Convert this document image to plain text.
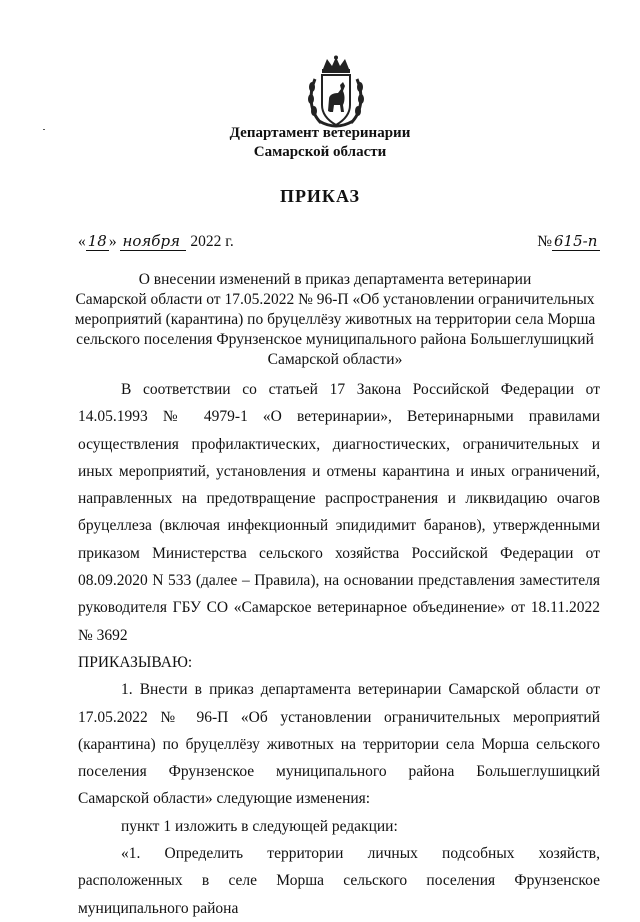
Департамент ветеринарии
Самарской области
ПРИКАЗ
« 18 » ноября 2022 г.	№ 615-п
О внесении изменений в приказ департамента ветеринарии
Самарской области от 17.05.2022 № 96-П «Об установлении ограничительных
мероприятий (карантина) по бруцеллёзу животных на территории села Морша
сельского поселения Фрунзенское муниципального района Большеглушицкий
Самарской области»

В соответствии со статьей 17 Закона Российской Федерации от 14.05.1993 № 4979-1 «О ветеринарии», Ветеринарными правилами осуществления профилактических, диагностических, ограничительных и иных мероприятий, установления и отмены карантина и иных ограничений, направленных на предотвращение распространения и ликвидацию очагов бруцеллеза (включая инфекционный эпидидимит баранов), утвержденными приказом Министерства сельского хозяйства Российской Федерации от 08.09.2020 N 533 (далее – Правила), на основании представления заместителя руководителя ГБУ СО «Самарское ветеринарное объединение» от 18.11.2022 № 3692

ПРИКАЗЫВАЮ:

1. Внести в приказ департамента ветеринарии Самарской области от 17.05.2022 № 96-П «Об установлении ограничительных мероприятий (карантина) по бруцеллёзу животных на территории села Морша сельского поселения Фрунзенское муниципального района Большеглушицкий Самарской области» следующие изменения:

пункт 1 изложить в следующей редакции:

«1. Определить территории личных подсобных хозяйств, расположенных в селе Морша сельского поселения Фрунзенское муниципального района
